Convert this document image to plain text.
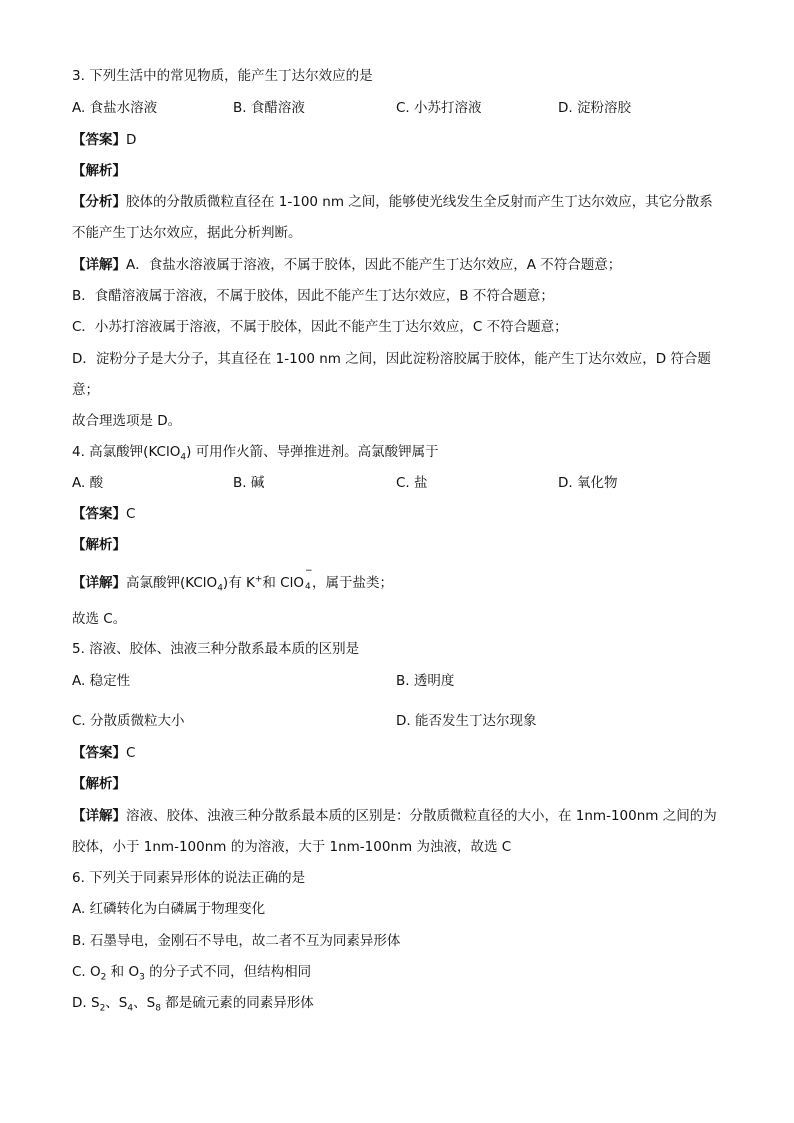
3. 下列生活中的常见物质，能产生丁达尔效应的是
A. 食盐水溶液	B. 食醋溶液	C. 小苏打溶液	D. 淀粉溶胶
【答案】D
【解析】
【分析】胶体的分散质微粒直径在 1-100 nm 之间，能够使光线发生全反射而产生丁达尔效应，其它分散系
不能产生丁达尔效应，据此分析判断。
【详解】A．食盐水溶液属于溶液，不属于胶体，因此不能产生丁达尔效应，A 不符合题意；
B．食醋溶液属于溶液，不属于胶体，因此不能产生丁达尔效应，B 不符合题意；
C．小苏打溶液属于溶液，不属于胶体，因此不能产生丁达尔效应，C 不符合题意；
D．淀粉分子是大分子，其直径在 1-100 nm 之间，因此淀粉溶胶属于胶体，能产生丁达尔效应，D 符合题
意；
故合理选项是 D。
4. 高氯酸钾(KClO$_4$) 可用作火箭、导弹推进剂。高氯酸钾属于
A. 酸	B. 碱	C. 盐	D. 氧化物
【答案】C
【解析】
【详解】高氯酸钾(KClO$_4$)有 K+和 ClO
−
4 ，属于盐类；
故选 C。
5. 溶液、胶体、浊液三种分散系最本质的区别是
A. 稳定性	B. 透明度
C. 分散质微粒大小	D. 能否发生丁达尔现象
【答案】C
【解析】
【详解】溶液、胶体、浊液三种分散系最本质的区别是：分散质微粒直径的大小，在 1nm-100nm 之间的为
胶体，小于 1nm-100nm 的为溶液，大于 1nm-100nm 为浊液，故选 C
6. 下列关于同素异形体的说法正确的是
A. 红磷转化为白磷属于物理变化
B. 石墨导电，金刚石不导电，故二者不互为同素异形体
C. $O_2$ 和 $O_3$ 的分子式不同，但结构相同
D. $S_2$、$S_4$、$S_8$ 都是硫元素的同素异形体
